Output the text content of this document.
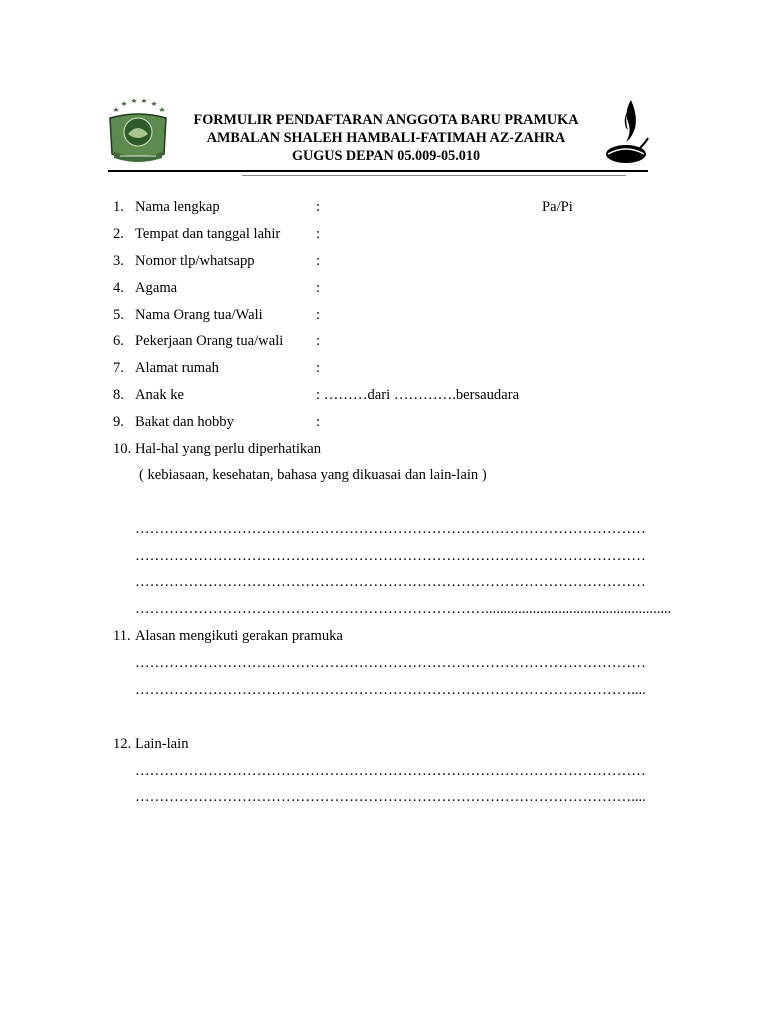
FORMULIR PENDAFTARAN ANGGOTA BARU PRAMUKA
AMBALAN SHALEH HAMBALI-FATIMAH AZ-ZAHRA
GUGUS DEPAN 05.009-05.010
1. Nama lengkap	:	Pa/Pi
2. Tempat dan tanggal lahir :
3. Nomor tlp/whatsapp	:
4. Agama	:
5. Nama Orang tua/Wali	:
6. Pekerjaan Orang tua/wali :
7. Alamat rumah	:
8. Anak ke	: ………dari ………….bersaudara
9. Bakat dan hobby	:
10. Hal-hal yang perlu diperhatikan
( kebiasaan, kesehatan, bahasa yang dikuasai dan lain-lain )
……………………………………………………………………………………………
……………………………………………………………………………………………
……………………………………………………………………………………………
………………………………………………………………...................................................
11. Alasan mengikuti gerakan pramuka
……………………………………………………………………………………………
…………………………………………………………………………………………....
12. Lain-lain
……………………………………………………………………………………………
…………………………………………………………………………………………....
